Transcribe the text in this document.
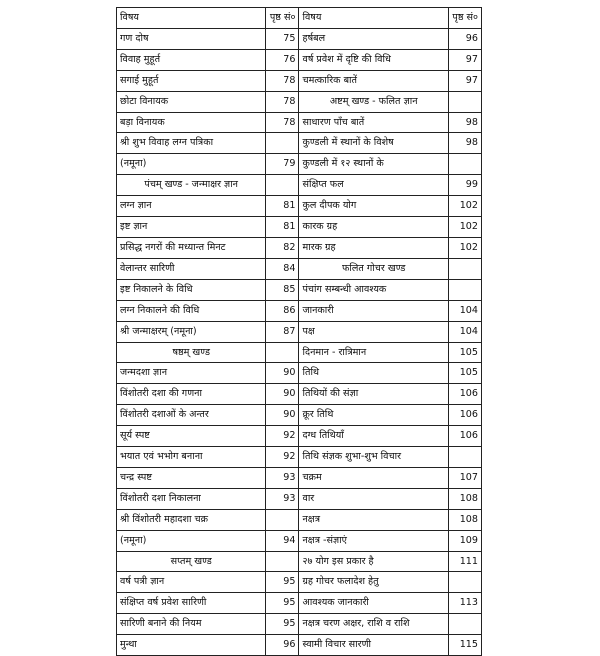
विषय	पृष्ठ सं०	विषय	पृष्ठ सं०
गण दोष	75	हर्षबल	96
विवाह मुहूर्त	76	वर्ष प्रवेश में दृष्टि की विधि	97
सगाई मुहूर्त	78	चमत्कारिक बातें	97
छोटा विनायक	78	अष्टम् खण्ड - फलित ज्ञान	
बड़ा विनायक	78	साधारण पाँच बातें	98
श्री शुभ विवाह लग्न पत्रिका		कुण्डली में स्थानों के विशेष	98
(नमूना)	79	कुण्डली में १२ स्थानों के	
पंचम् खण्ड - जन्माक्षर ज्ञान		संक्षिप्त फल	99
लग्न ज्ञान	81	कुल दीपक योग	102
इष्ट ज्ञान	81	कारक ग्रह	102
प्रसिद्ध नगरों की मध्यान्त मिनट	82	मारक ग्रह	102
वेलान्तर सारिणी	84	फलित गोचर खण्ड	
इष्ट निकालने के विधि	85	पंचांग सम्बन्धी आवश्यक	
लग्न निकालने की विधि	86	जानकारी	104
श्री जन्माक्षरम् (नमूना)	87	पक्ष	104
षष्ठम् खण्ड		दिनमान - रात्रिमान	105
जन्मदशा ज्ञान	90	तिथि	105
विंशोतरी दशा की गणना	90	तिथियों की संज्ञा	106
विंशोतरी दशाओं के अन्तर	90	क्रूर तिथि	106
सूर्य स्पष्ट	92	दग्ध तिथियाँ	106
भयात एवं भभोग बनाना	92	तिथि संज्ञक शुभा-शुभ विचार	
चन्द्र स्पष्ट	93	चक्रम	107
विंशोतरी दशा निकालना	93	वार	108
श्री विंशोतरी महादशा चक्र		नक्षत्र	108
(नमूना)	94	नक्षत्र -संज्ञाएं	109
सप्तम् खण्ड		२७ योग इस प्रकार है	111
वर्ष पत्री ज्ञान	95	ग्रह गोचर फलादेश हेतु	
संक्षिप्त वर्ष प्रवेश सारिणी	95	आवश्यक जानकारी	113
सारिणी बनाने की नियम	95	नक्षत्र चरण अक्षर, राशि व राशि	
मुन्था	96	स्वामी विचार सारणी	115
